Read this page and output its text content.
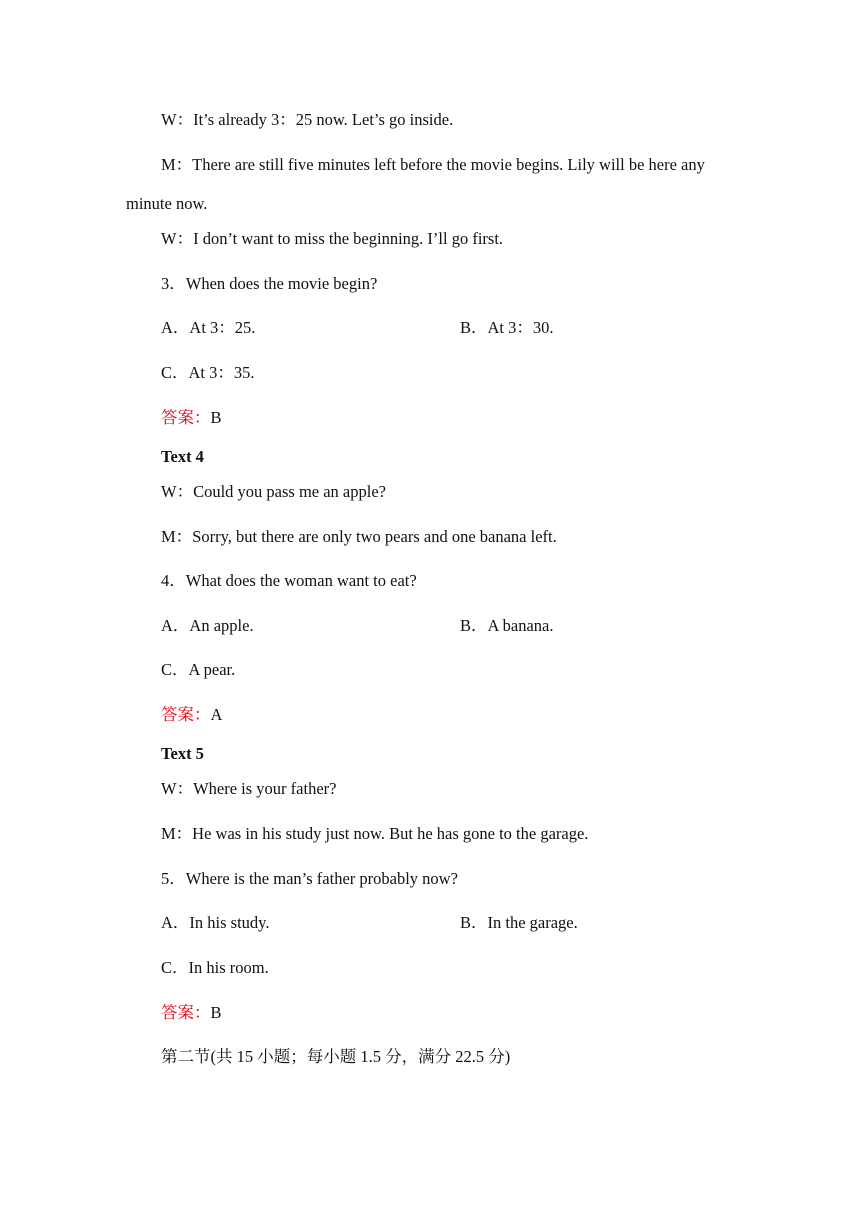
W：It’s already 3：25 now. Let’s go inside.
M：There are still five minutes left before the movie begins. Lily will be here any
minute now.
W：I don’t want to miss the beginning. I’ll go first.
3．When does the movie begin?
A．At 3：25.	B．At 3：30.
C．At 3：35.
答案：B
Text 4
W：Could you pass me an apple?
M：Sorry, but there are only two pears and one banana left.
4．What does the woman want to eat?
A．An apple.	B．A banana.
C．A pear.
答案：A
Text 5
W：Where is your father?
M：He was in his study just now. But he has gone to the garage.
5．Where is the man’s father probably now?
A．In his study.	B．In the garage.
C．In his room.
答案：B
第二节(共 15 小题；每小题 1.5 分，满分 22.5 分)
